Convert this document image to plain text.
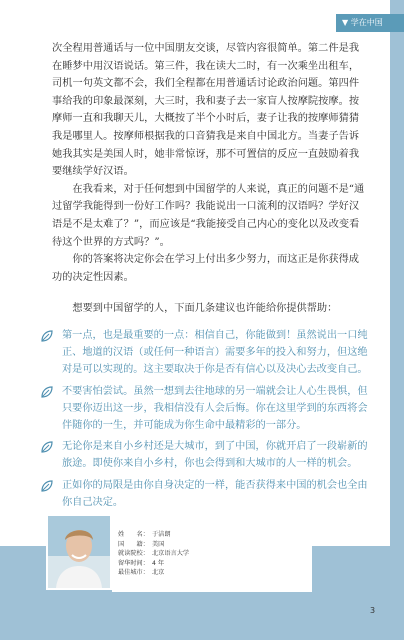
▼ 学在中国

次全程用普通话与一位中国朋友交谈，尽管内容很简单。第二件是我在睡梦中用汉语说话。第三件，我在读大二时，有一次乘坐出租车，司机一句英文都不会，我们全程都在用普通话讨论政治问题。第四件事给我的印象最深刻，大三时，我和妻子去一家盲人按摩院按摩。按摩师一直和我聊天儿，大概按了半个小时后，妻子让我的按摩师猜猜我是哪里人。按摩师根据我的口音猜我是来自中国北方。当妻子告诉她我其实是美国人时，她非常惊讶，那不可置信的反应一直鼓励着我要继续学好汉语。

在我看来，对于任何想到中国留学的人来说，真正的问题不是“通过留学我能得到一份好工作吗？我能说出一口流利的汉语吗？学好汉语是不是太难了？”，而应该是“我能接受自己内心的变化以及改变看待这个世界的方式吗？”。

你的答案将决定你会在学习上付出多少努力，而这正是你获得成功的决定性因素。

想要到中国留学的人，下面几条建议也许能给你提供帮助：

第一点，也是最重要的一点：相信自己，你能做到！虽然说出一口纯正、地道的汉语（或任何一种语言）需要多年的投入和努力，但这绝对是可以实现的。这主要取决于你是否有信心以及决心去改变自己。
不要害怕尝试。虽然一想到去往地球的另一端就会让人心生畏惧，但只要你迈出这一步，我相信没有人会后悔。你在这里学到的东西将会伴随你的一生，并可能成为你生命中最精彩的一部分。
无论你是来自小乡村还是大城市，到了中国，你就开启了一段崭新的旅途。即使你来自小乡村，你也会得到和大城市的人一样的机会。
正如你的局限是由你自身决定的一样，能否获得来中国的机会也全由你自己决定。
姓　　名： 于洁朗
国　　籍： 美国
就读院校： 北京语言大学
留华时间： 4 年
最佳城市： 北京
3
